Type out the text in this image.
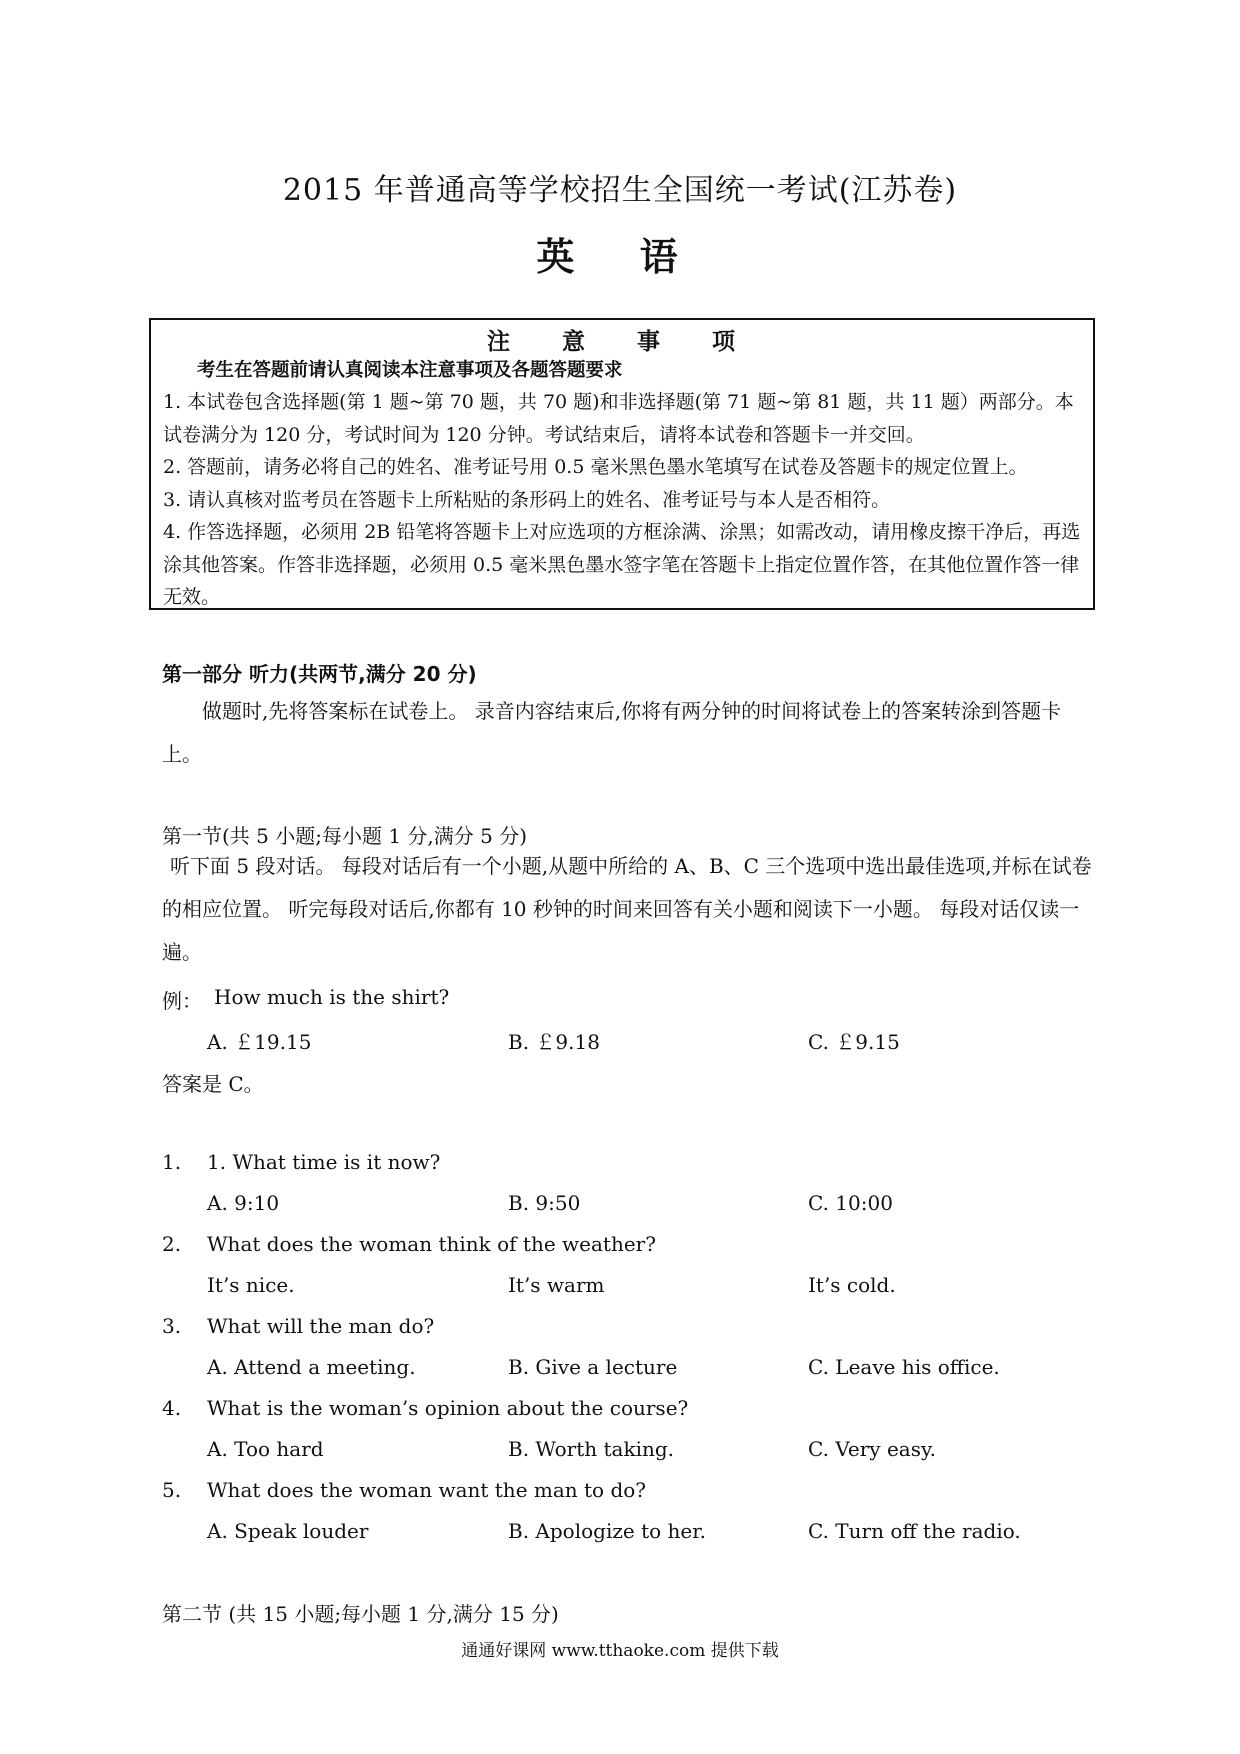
2015 年普通高等学校招生全国统一考试(江苏卷)
英 语
注 意 事 项
考生在答题前请认真阅读本注意事项及各题答题要求
1. 本试卷包含选择题(第 1 题~第 70 题，共 70 题)和非选择题(第 71 题~第 81 题，共 11 题）两部分。本试卷满分为 120 分，考试时间为 120 分钟。考试结束后，请将本试卷和答题卡一并交回。
2. 答题前，请务必将自己的姓名、准考证号用 0.5 毫米黑色墨水笔填写在试卷及答题卡的规定位置上。
3. 请认真核对监考员在答题卡上所粘贴的条形码上的姓名、准考证号与本人是否相符。
4. 作答选择题，必须用 2B 铅笔将答题卡上对应选项的方框涂满、涂黑；如需改动，请用橡皮擦干净后，再选涂其他答案。作答非选择题，必须用 0.5 毫米黑色墨水签字笔在答题卡上指定位置作答，在其他位置作答一律无效。
第一部分 听力(共两节,满分 20 分)
做题时,先将答案标在试卷上。 录音内容结束后,你将有两分钟的时间将试卷上的答案转涂到答题卡上。
第一节(共 5 小题;每小题 1 分,满分 5 分)
听下面 5 段对话。 每段对话后有一个小题,从题中所给的 A、B、C 三个选项中选出最佳选项,并标在试卷的相应位置。 听完每段对话后,你都有 10 秒钟的时间来回答有关小题和阅读下一小题。 每段对话仅读一遍。
例： How much is the shirt?
A. ￡19.15	B. ￡9.18	C. ￡9.15
答案是 C。
1. 1. What time is it now?
A. 9:10	B. 9:50	C. 10:00
2. What does the woman think of the weather?
It’s nice.	It’s warm	It’s cold.
3. What will the man do?
A. Attend a meeting.	B. Give a lecture	C. Leave his office.
4. What is the woman’s opinion about the course?
A. Too hard	B. Worth taking.	C. Very easy.
5. What does the woman want the man to do?
A. Speak louder	B. Apologize to her.	C. Turn off the radio.
第二节 (共 15 小题;每小题 1 分,满分 15 分)
通通好课网 www.tthaoke.com 提供下载
